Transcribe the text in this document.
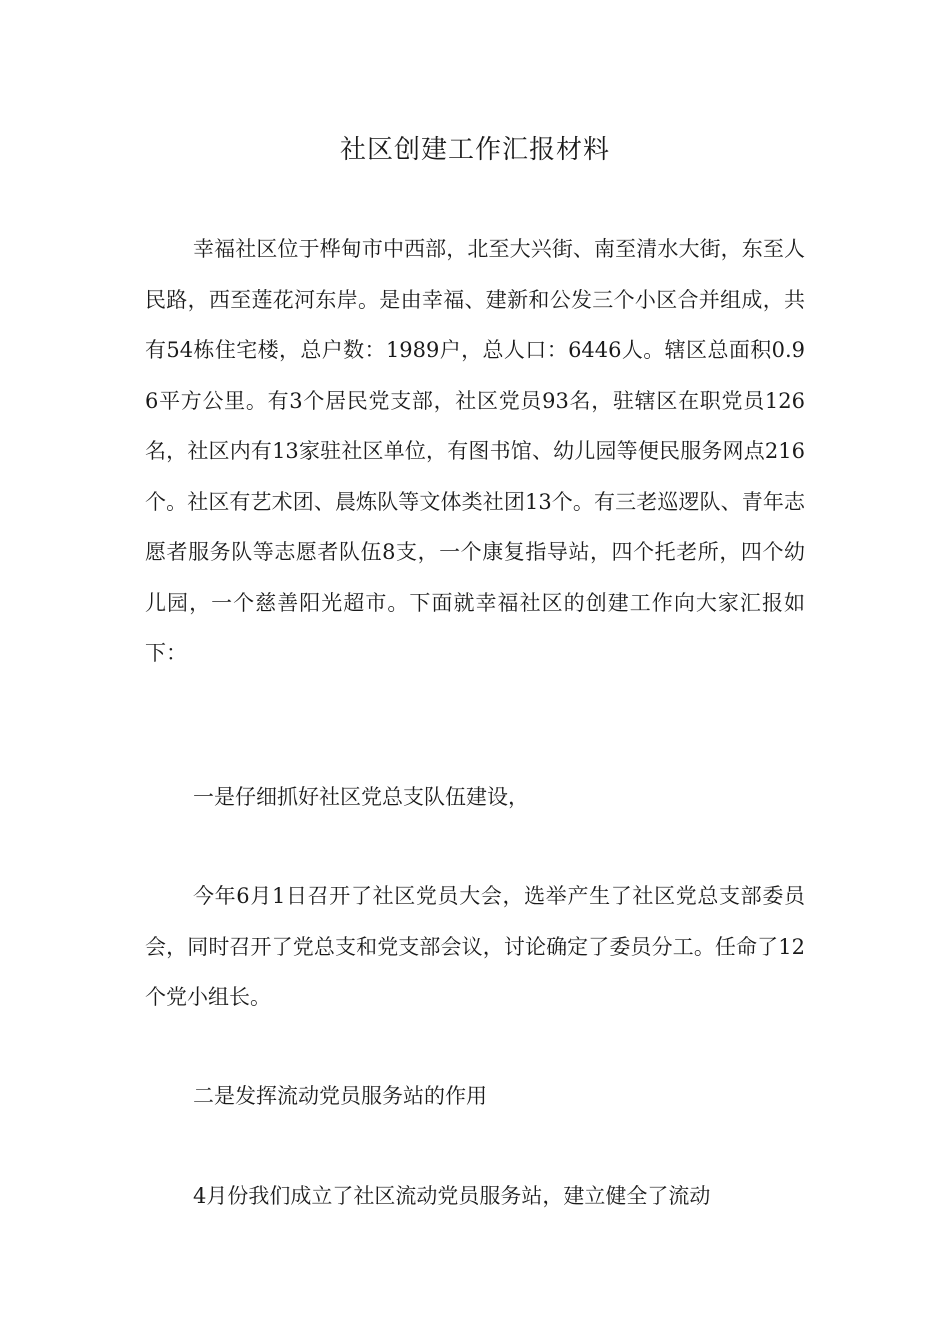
社区创建工作汇报材料

幸福社区位于桦甸市中西部，北至大兴街、南至清水大街，东至人民路，西至莲花河东岸。是由幸福、建新和公发三个小区合并组成，共有54栋住宅楼，总户数：1989户，总人口：6446人。辖区总面积0.96平方公里。有3个居民党支部，社区党员93名，驻辖区在职党员126名，社区内有13家驻社区单位，有图书馆、幼儿园等便民服务网点216个。社区有艺术团、晨炼队等文体类社团13个。有三老巡逻队、青年志愿者服务队等志愿者队伍8支，一个康复指导站，四个托老所，四个幼儿园，一个慈善阳光超市。下面就幸福社区的创建工作向大家汇报如下：

一是仔细抓好社区党总支队伍建设，

今年6月1日召开了社区党员大会，选举产生了社区党总支部委员会，同时召开了党总支和党支部会议，讨论确定了委员分工。任命了12个党小组长。

二是发挥流动党员服务站的作用

4月份我们成立了社区流动党员服务站，建立健全了流动
